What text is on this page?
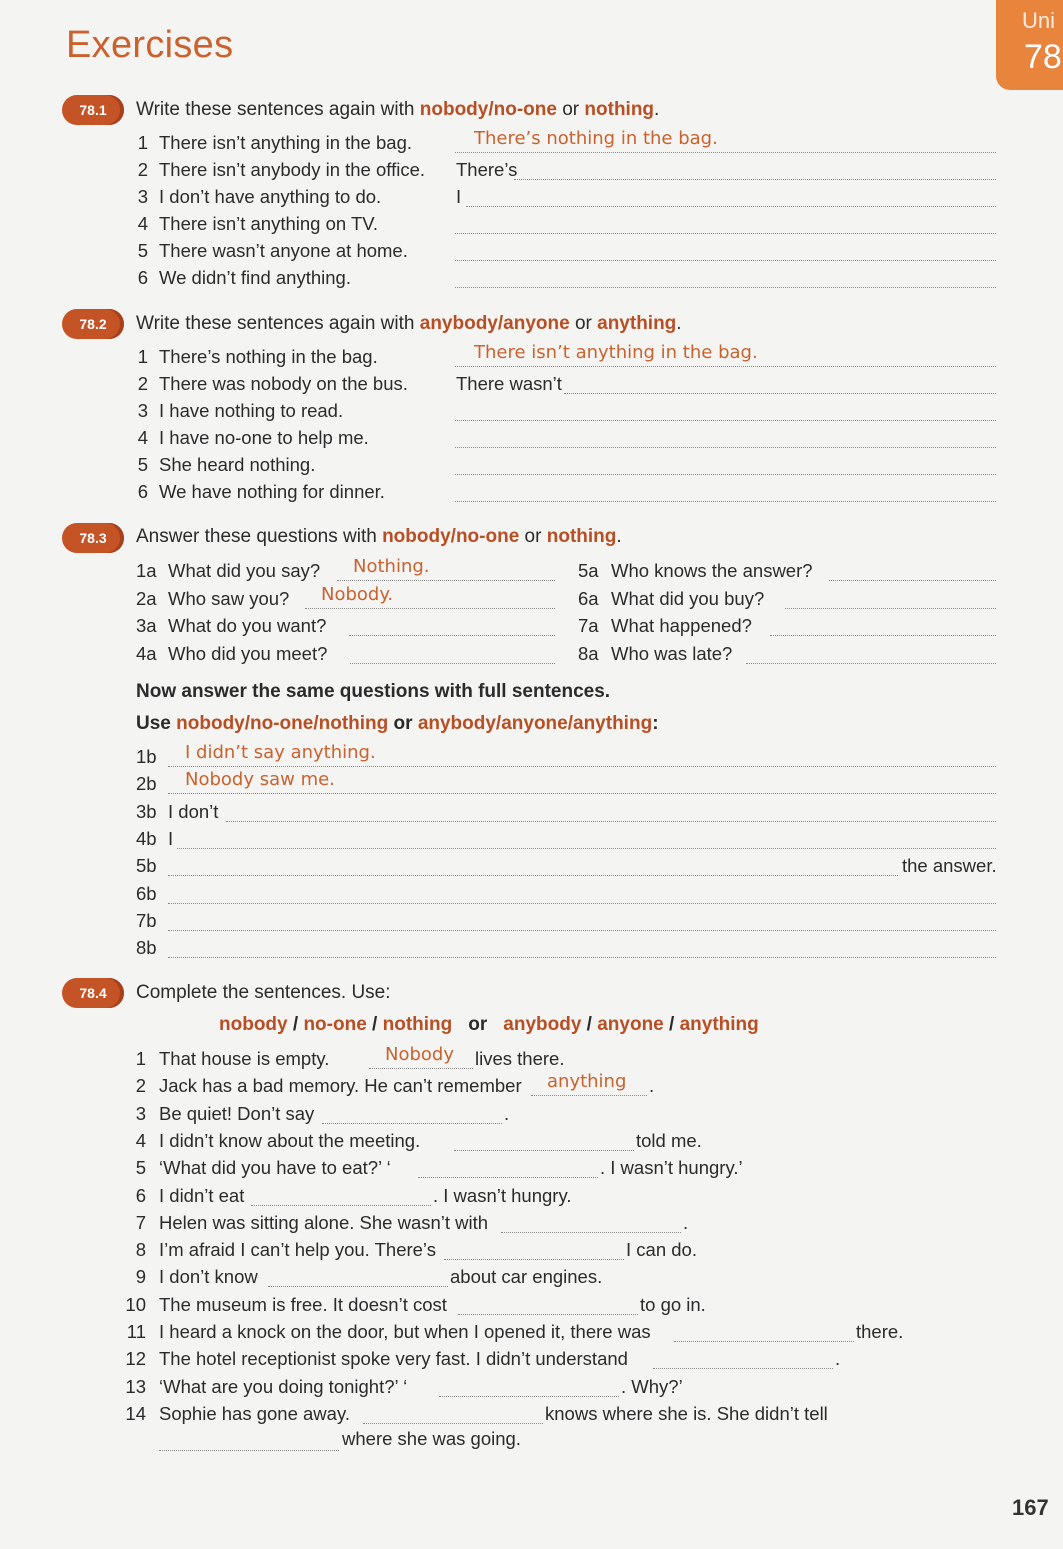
Exercises
Uni
78
78.1	Write these sentences again with nobody/no-one or nothing.
1 There isn’t anything in the bag.	There’s nothing in the bag.
2 There isn’t anybody in the office. There’s
3 I don’t have anything to do.	I
4 There isn’t anything on TV.
5 There wasn’t anyone at home.
6 We didn’t find anything.
78.2	Write these sentences again with anybody/anyone or anything.
1 There’s nothing in the bag.	There isn’t anything in the bag.
2 There was nobody on the bus.	There wasn’t
3 I have nothing to read.
4 I have no-one to help me.
5 She heard nothing.
6 We have nothing for dinner.
78.3	Answer these questions with nobody/no-one or nothing.
1a What did you say? Nothing.
2a Who saw you? Nobody.
3a What do you want?
4a Who did you meet?
5a Who knows the answer?
6a What did you buy?
7a What happened?
8a Who was late?
Now answer the same questions with full sentences.
Use nobody/no-one/nothing or anybody/anyone/anything:
1b I didn’t say anything.
2b Nobody saw me.
3b I don’t
4b I
5b	the answer.
6b
7b
8b
78.4	Complete the sentences. Use:
nobody / no-one / nothing or anybody / anyone / anything
1 That house is empty.	Nobody lives there.
2 Jack has a bad memory. He can’t remember anything .
3 Be quiet! Don’t say	.
4 I didn’t know about the meeting.	told me.
5 ‘What did you have to eat?’ ‘	. I wasn’t hungry.’
6 I didn’t eat	. I wasn’t hungry.
7 Helen was sitting alone. She wasn’t with	.
8 I’m afraid I can’t help you. There’s	I can do.
9 I don’t know	about car engines.
10 The museum is free. It doesn’t cost	to go in.
11 I heard a knock on the door, but when I opened it, there was	there.
12 The hotel receptionist spoke very fast. I didn’t understand	.
13 ‘What are you doing tonight?’ ‘	. Why?’
14 Sophie has gone away.	knows where she is. She didn’t tell
where she was going.
167
